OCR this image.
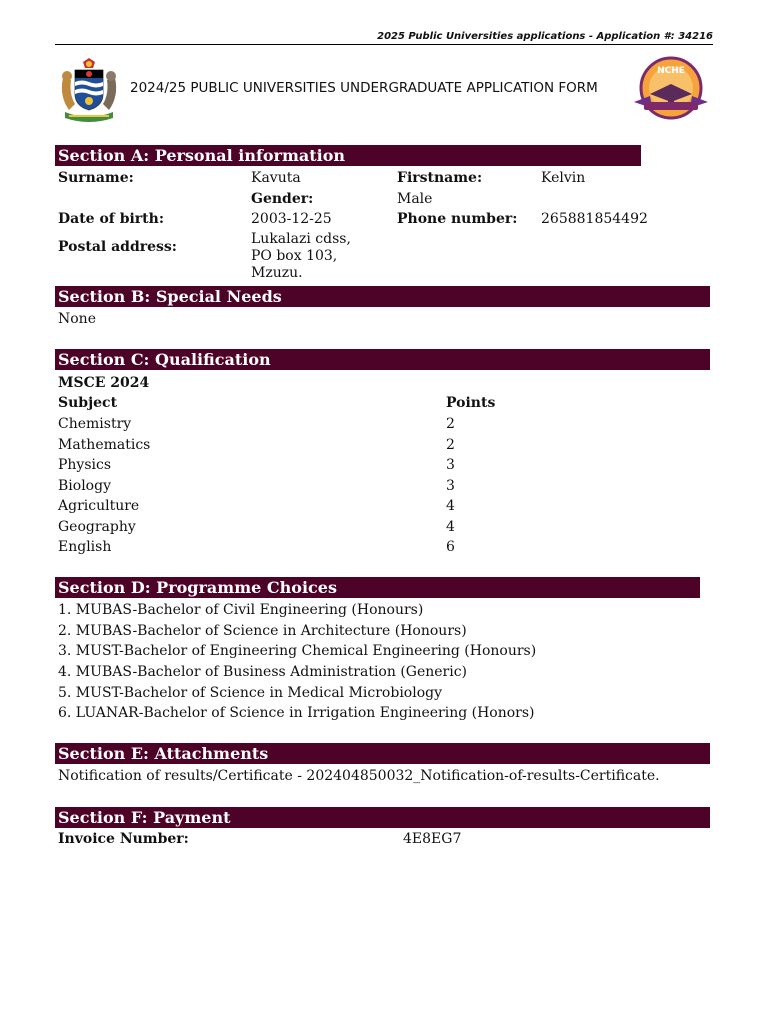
2025 Public Universities applications - Application #: 34216
2024/25 PUBLIC UNIVERSITIES UNDERGRADUATE APPLICATION FORM
NCHE
Section A: Personal information
Surname:	Kavuta	Firstname:	Kelvin
Gender:	Male
Date of birth:	2003-12-25	Phone number: 265881854492
Postal address:	Lukalazi cdss, PO box 103, Mzuzu.
Section B: Special Needs
None
Section C: Qualification
MSCE 2024
Subject	Points
Chemistry	2
Mathematics	2
Physics	3
Biology	3
Agriculture	4
Geography	4
English	6
Section D: Programme Choices
1. MUBAS-Bachelor of Civil Engineering (Honours)
2. MUBAS-Bachelor of Science in Architecture (Honours)
3. MUST-Bachelor of Engineering Chemical Engineering (Honours)
4. MUBAS-Bachelor of Business Administration (Generic)
5. MUST-Bachelor of Science in Medical Microbiology
6. LUANAR-Bachelor of Science in Irrigation Engineering (Honors)
Section E: Attachments
Notification of results/Certificate - 202404850032_Notification-of-results-Certificate.
Section F: Payment
Invoice Number:	4E8EG7
